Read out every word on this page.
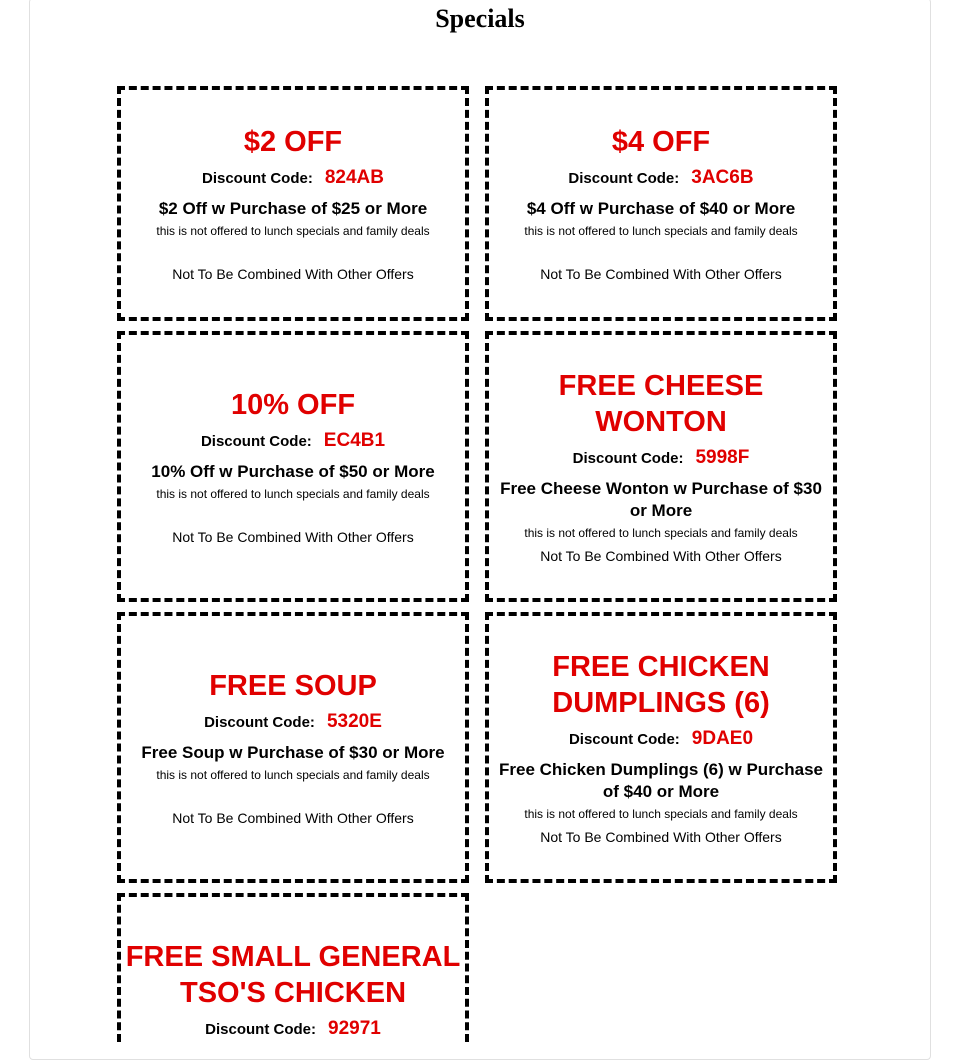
Specials
$2 OFF
Discount Code: 824AB
$2 Off w Purchase of $25 or More
this is not offered to lunch specials and family deals
Not To Be Combined With Other Offers
$4 OFF
Discount Code: 3AC6B
$4 Off w Purchase of $40 or More
this is not offered to lunch specials and family deals
Not To Be Combined With Other Offers
10% OFF
Discount Code: EC4B1
10% Off w Purchase of $50 or More
this is not offered to lunch specials and family deals
Not To Be Combined With Other Offers
FREE CHEESE WONTON
Discount Code: 5998F
Free Cheese Wonton w Purchase of $30 or More
this is not offered to lunch specials and family deals
Not To Be Combined With Other Offers
FREE SOUP
Discount Code: 5320E
Free Soup w Purchase of $30 or More
this is not offered to lunch specials and family deals
Not To Be Combined With Other Offers
FREE CHICKEN DUMPLINGS (6)
Discount Code: 9DAE0
Free Chicken Dumplings (6) w Purchase of $40 or More
this is not offered to lunch specials and family deals
Not To Be Combined With Other Offers
FREE SMALL GENERAL TSO'S CHICKEN
Discount Code: 92971
